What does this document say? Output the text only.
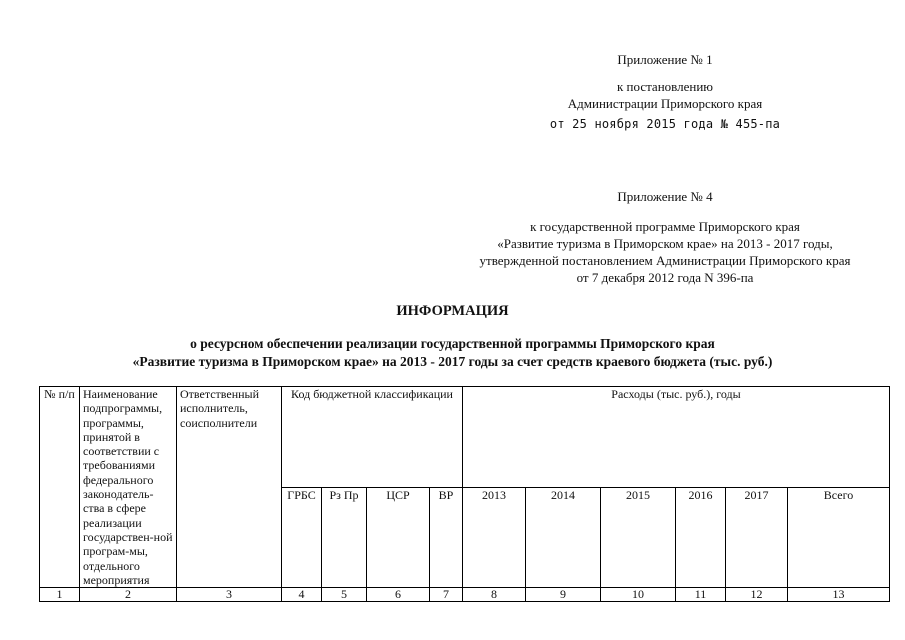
Приложение № 1
к постановлению
Администрации Приморского края
от 25 ноября 2015 года № 455-па
Приложение № 4
к государственной программе Приморского края
«Развитие туризма в Приморском крае» на 2013 - 2017 годы,
утвержденной постановлением Администрации Приморского края
от 7 декабря 2012 года N 396-па
ИНФОРМАЦИЯ
о ресурсном обеспечении реализации государственной программы Приморского края
«Развитие туризма в Приморском крае» на 2013 - 2017 годы за счет средств краевого бюджета (тыс. руб.)
№ п/п	Наименование подпрограммы, программы, принятой в соответствии с требованиями федерального законодатель-ства в сфере реализации государствен-ной програм-мы, отдельного мероприятия	Ответственный исполнитель, соисполнители	Код бюджетной классификации				Расходы (тыс. руб.), годы					
			ГРБС	Рз Пр	ЦСР	ВР	2013	2014	2015	2016	2017	Всего
1	2	3	4	5	6	7	8	9	10	11	12	13
